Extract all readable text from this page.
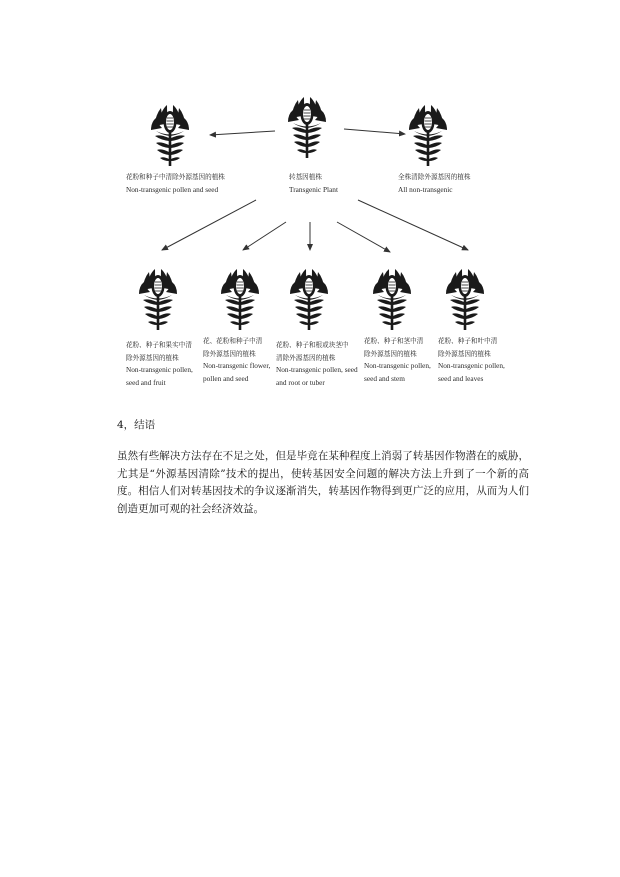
花粉和种子中清除外源基因的植株
Non-transgenic pollen and seed
转基因植株
Transgenic Plant
全株清除外源基因的植株
All non-transgenic
花粉、种子和果实中清
除外源基因的植株
Non-transgenic pollen,
seed and fruit
花、花粉和种子中清
除外源基因的植株
Non-transgenic flower,
pollen and seed
花粉、种子和根或块茎中
清除外源基因的植株
Non-transgenic pollen, seed
and root or tuber
花粉、种子和茎中清
除外源基因的植株
Non-transgenic pollen,
seed and stem
花粉、种子和叶中清
除外源基因的植株
Non-transgenic pollen,
seed and leaves
4，结语

虽然有些解决方法存在不足之处，但是毕竟在某种程度上消弱了转基因作物潜在的威胁，尤其是“外源基因清除”技术的提出，使转基因安全问题的解决方法上升到了一个新的高度。相信人们对转基因技术的争议逐渐消失，转基因作物得到更广泛的应用，从而为人们创造更加可观的社会经济效益。
